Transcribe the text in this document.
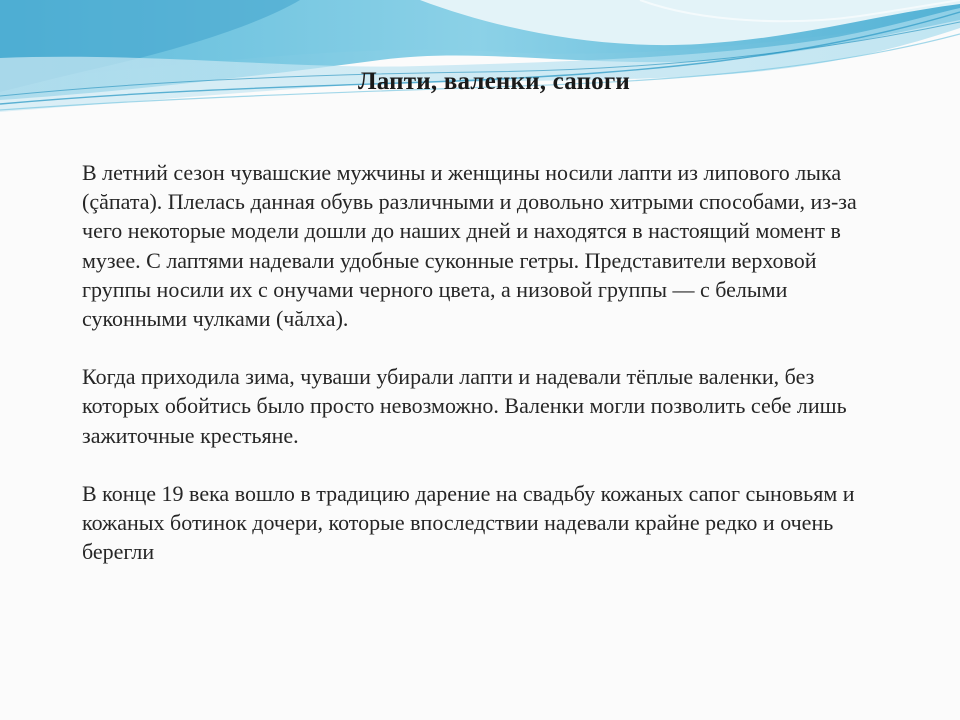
Лапти, валенки, сапоги

В летний сезон чувашские мужчины и женщины носили лапти из липового лыка (çăпата). Плелась данная обувь различными и довольно хитрыми способами, из-за чего некоторые модели дошли до наших дней и находятся в настоящий момент в музее. С лаптями надевали удобные суконные гетры. Представители верховой группы носили их с онучами черного цвета, а низовой группы — с белыми суконными чулками (чăлха).

Когда приходила зима, чуваши убирали лапти и надевали тёплые валенки, без которых обойтись было просто невозможно. Валенки могли позволить себе лишь зажиточные крестьяне.

В конце 19 века вошло в традицию дарение на свадьбу кожаных сапог сыновьям и кожаных ботинок дочери, которые впоследствии надевали крайне редко и очень берегли
